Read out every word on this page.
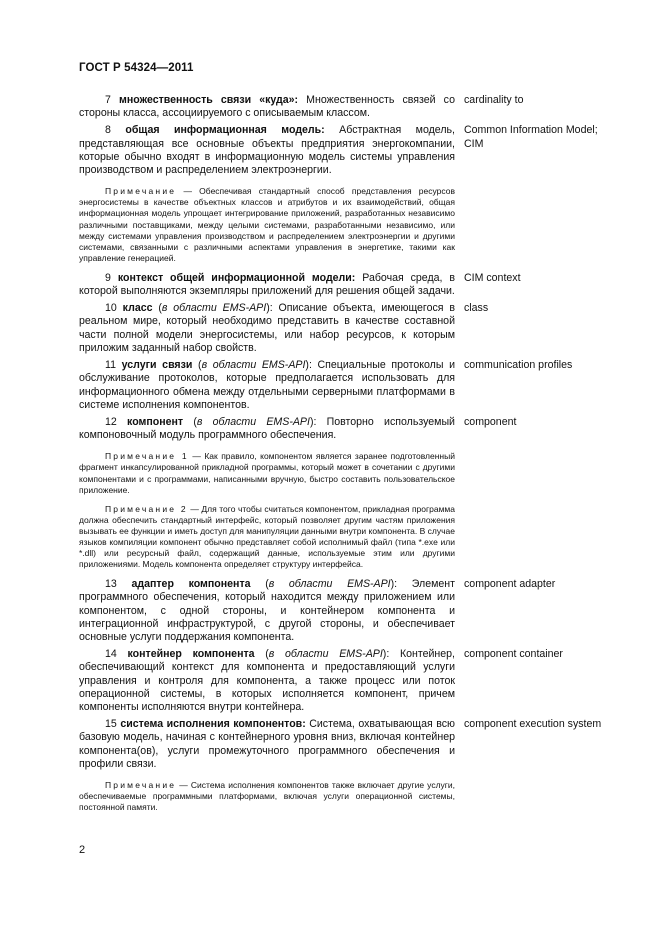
ГОСТ Р 54324—2011
7 множественность связи «куда»: Множественность связей со стороны класса, ассоциируемого с описываемым классом.
cardinality to
8 общая информационная модель: Абстрактная модель, представляющая все основные объекты предприятия энергокомпании, которые обычно входят в информационную модель системы управления производством и распределением электроэнергии.
Common Information Model; CIM
Примечание — Обеспечивая стандартный способ представления ресурсов энергосистемы в качестве объектных классов и атрибутов и их взаимодействий, общая информационная модель упрощает интегрирование приложений, разработанных независимо различными поставщиками, между целыми системами, разработанными независимо, или между системами управления производством и распределением электроэнергии и другими системами, связанными с различными аспектами управления в энергетике, такими как управление генерацией.
9 контекст общей информационной модели: Рабочая среда, в которой выполняются экземпляры приложений для решения общей задачи.
CIM context
10 класс (в области EMS-API): Описание объекта, имеющегося в реальном мире, который необходимо представить в качестве составной части полной модели энергосистемы, или набор ресурсов, к которым приложим заданный набор свойств.
class
11 услуги связи (в области EMS-API): Специальные протоколы и обслуживание протоколов, которые предполагается использовать для информационного обмена между отдельными серверными платформами в системе исполнения компонентов.
communication profiles
12 компонент (в области EMS-API): Повторно используемый компоновочный модуль программного обеспечения.
component
Примечание 1 — Как правило, компонентом является заранее подготовленный фрагмент инкапсулированной прикладной программы, который может в сочетании с другими компонентами и с программами, написанными вручную, быстро составить пользовательское приложение.
Примечание 2 — Для того чтобы считаться компонентом, прикладная программа должна обеспечить стандартный интерфейс, который позволяет другим частям приложения вызывать ее функции и иметь доступ для манипуляции данными внутри компонента. В случае языков компиляции компонент обычно представляет собой исполнимый файл (типа *.exe или *.dll) или ресурсный файл, содержащий данные, используемые этим или другими приложениями. Модель компонента определяет структуру интерфейса.
13 адаптер компонента (в области EMS-API): Элемент программного обеспечения, который находится между приложением или компонентом, с одной стороны, и контейнером компонента и интеграционной инфраструктурой, с другой стороны, и обеспечивает основные услуги поддержания компонента.
component adapter
14 контейнер компонента (в области EMS-API): Контейнер, обеспечивающий контекст для компонента и предоставляющий услуги управления и контроля для компонента, а также процесс или поток операционной системы, в которых исполняется компонент, причем компоненты исполняются внутри контейнера.
component container
15 система исполнения компонентов: Система, охватывающая всю базовую модель, начиная с контейнерного уровня вниз, включая контейнер компонента(ов), услуги промежуточного программного обеспечения и профили связи.
component execution system
Примечание — Система исполнения компонентов также включает другие услуги, обеспечиваемые программными платформами, включая услуги операционной системы, постоянной памяти.
2
